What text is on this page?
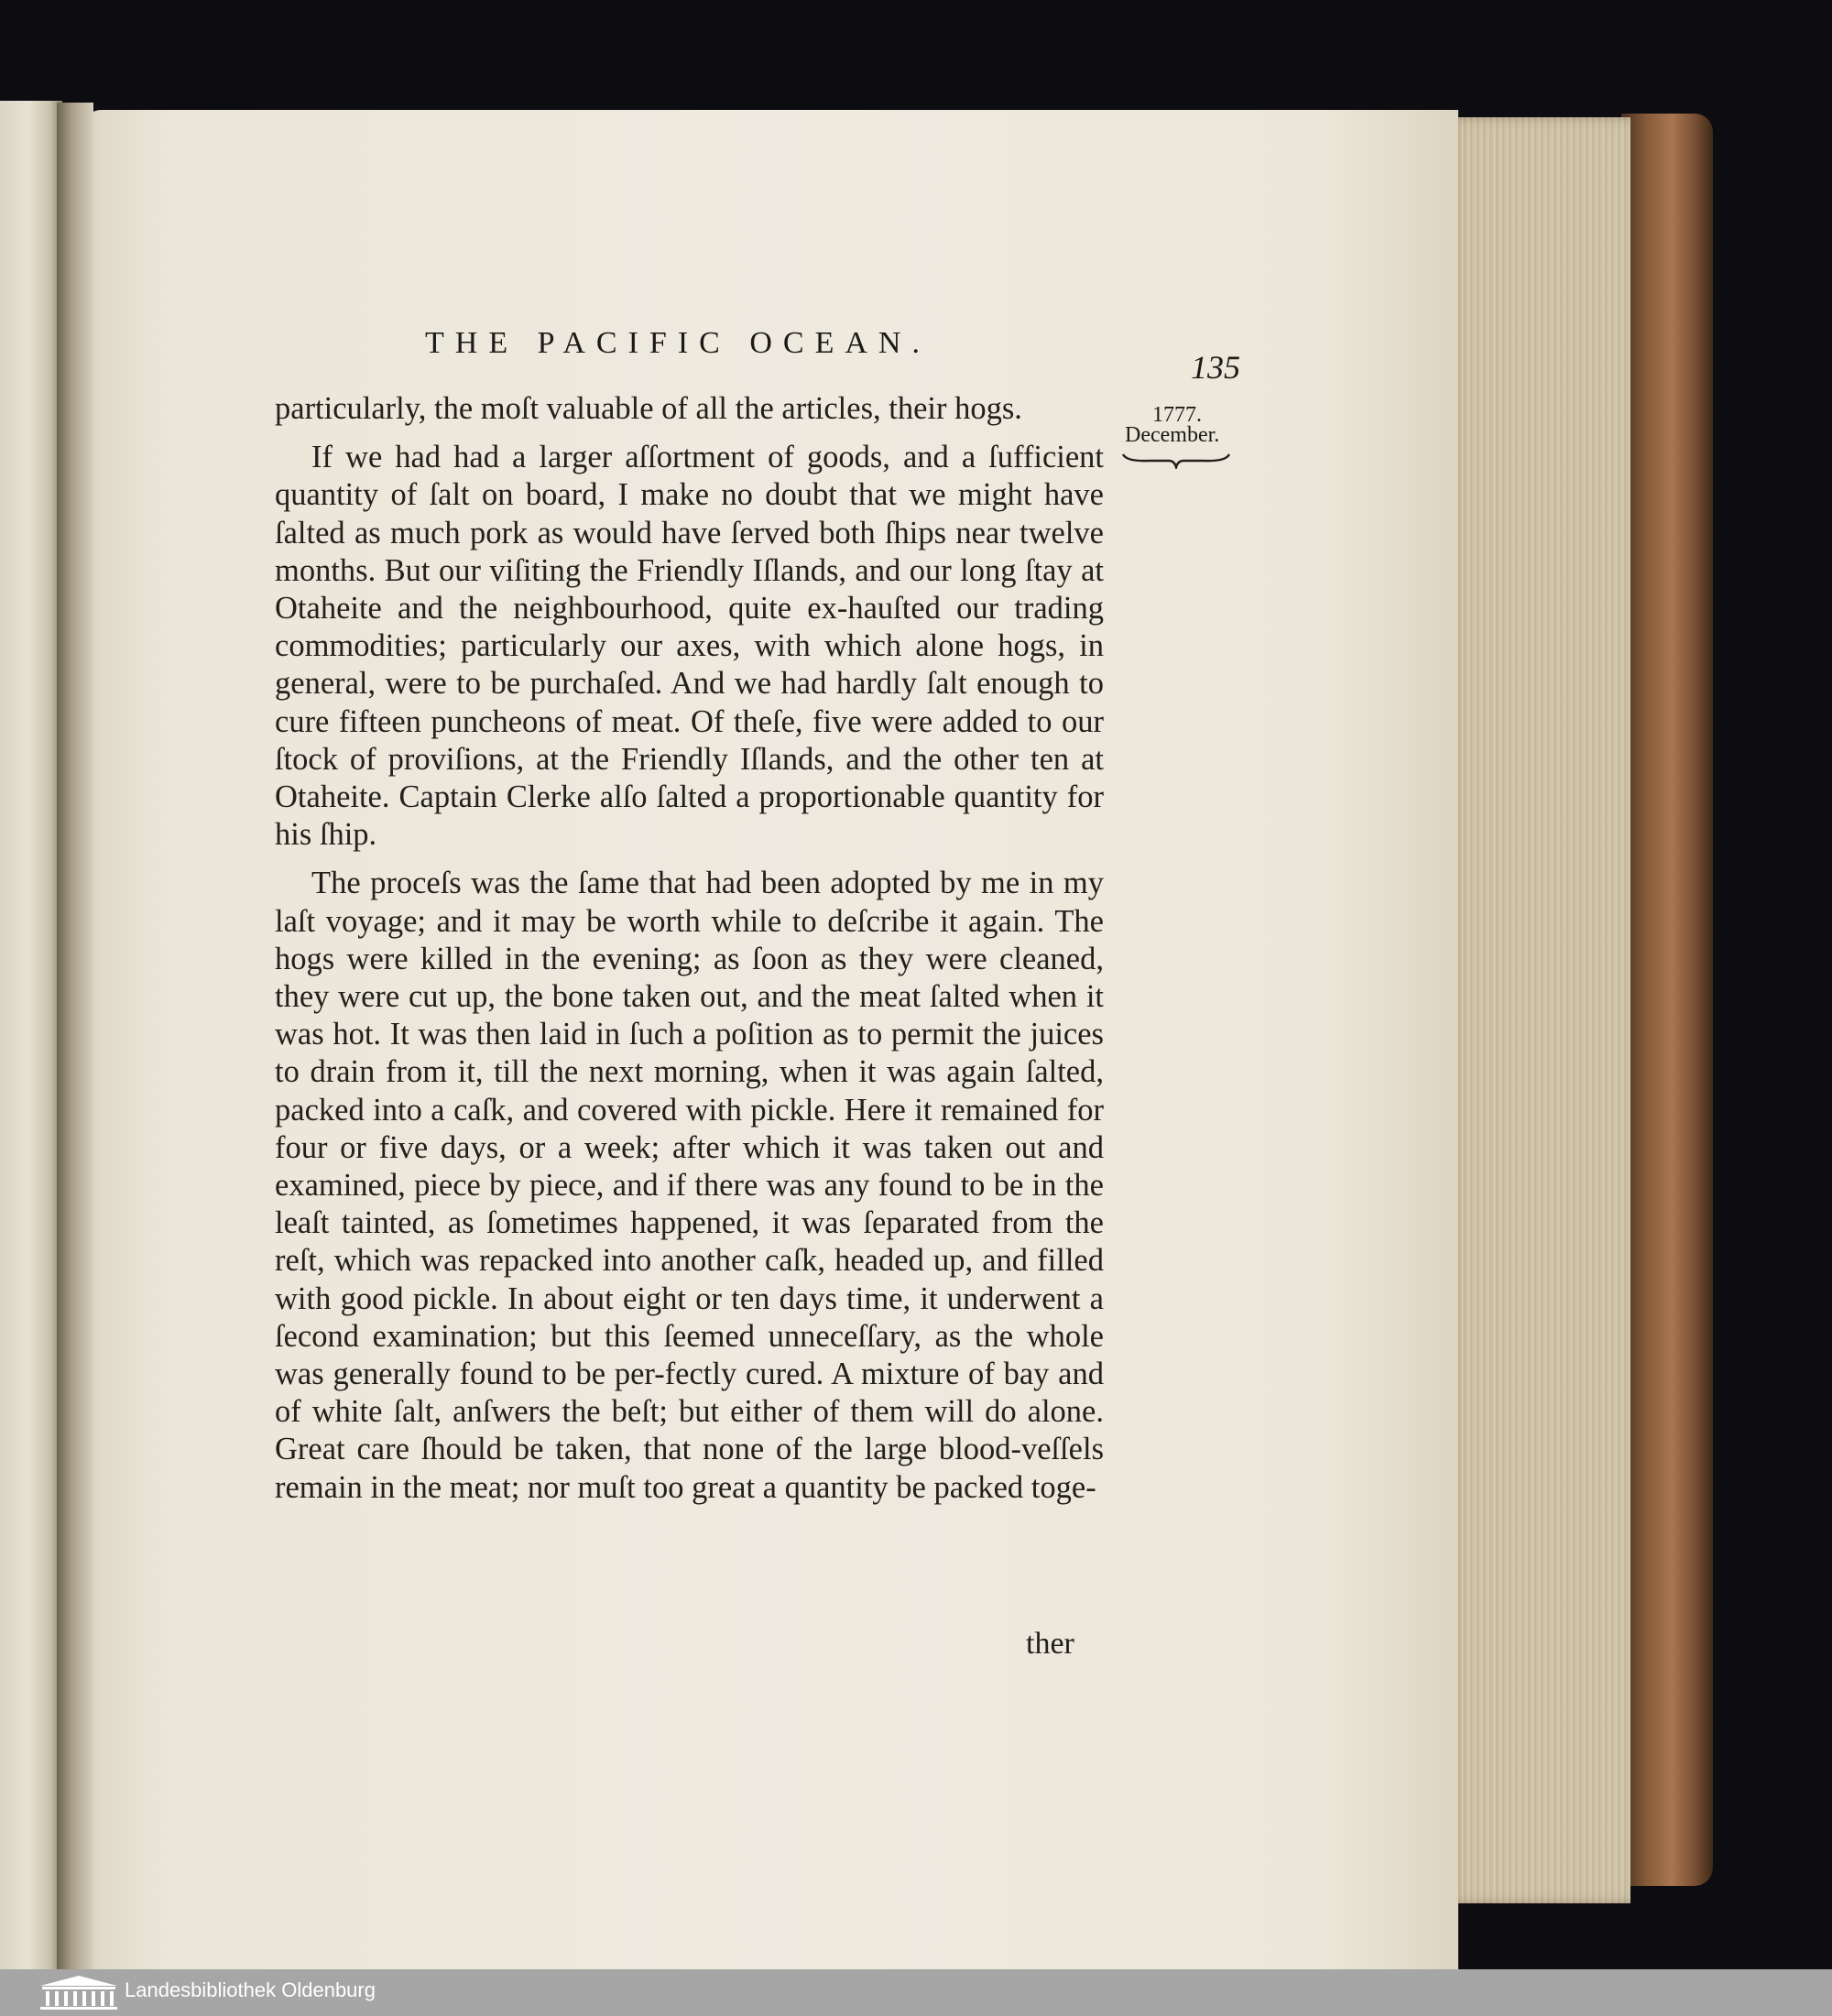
THE PACIFIC OCEAN.
135
1777.
December.

particularly, the moſt valuable of all the articles, their hogs.

If we had had a larger aſſortment of goods, and a ſufficient quantity of ſalt on board, I make no doubt that we might have ſalted as much pork as would have ſerved both ſhips near twelve months. But our viſiting the Friendly Iſlands, and our long ſtay at Otaheite and the neighbourhood, quite ex-hauſted our trading commodities; particularly our axes, with which alone hogs, in general, were to be purchaſed. And we had hardly ſalt enough to cure fifteen puncheons of meat. Of theſe, five were added to our ſtock of proviſions, at the Friendly Iſlands, and the other ten at Otaheite. Captain Clerke alſo ſalted a proportionable quantity for his ſhip.

The proceſs was the ſame that had been adopted by me in my laſt voyage; and it may be worth while to deſcribe it again. The hogs were killed in the evening; as ſoon as they were cleaned, they were cut up, the bone taken out, and the meat ſalted when it was hot. It was then laid in ſuch a poſition as to permit the juices to drain from it, till the next morning, when it was again ſalted, packed into a caſk, and covered with pickle. Here it remained for four or five days, or a week; after which it was taken out and examined, piece by piece, and if there was any found to be in the leaſt tainted, as ſometimes happened, it was ſeparated from the reſt, which was repacked into another caſk, headed up, and filled with good pickle. In about eight or ten days time, it underwent a ſecond examination; but this ſeemed unneceſſary, as the whole was generally found to be per-fectly cured. A mixture of bay and of white ſalt, anſwers the beſt; but either of them will do alone. Great care ſhould be taken, that none of the large blood-veſſels remain in the meat; nor muſt too great a quantity be packed toge-

ther
Landesbibliothek Oldenburg
